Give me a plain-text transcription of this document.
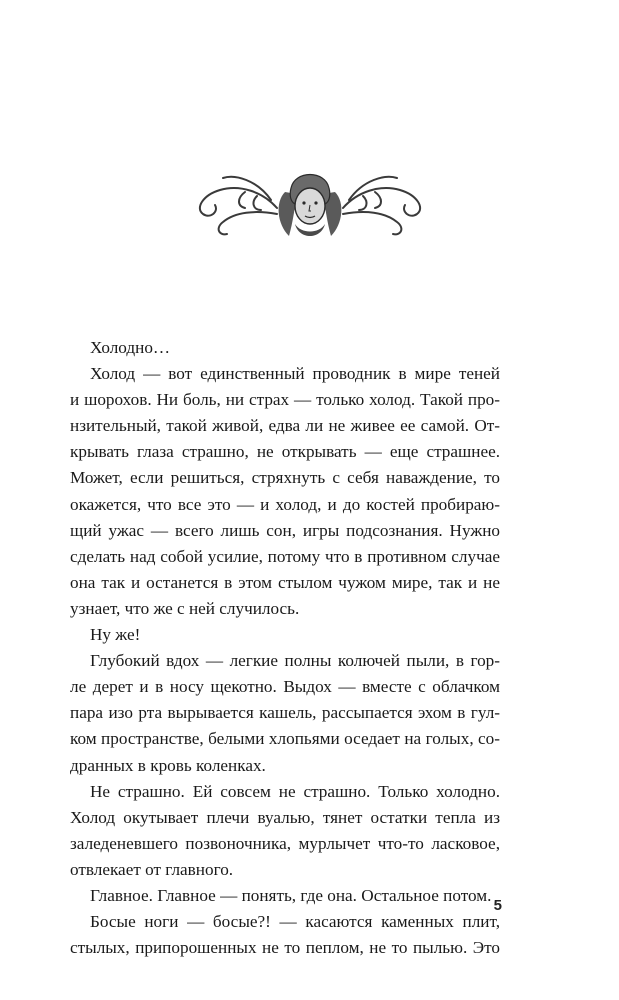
Холодно…
Холод — вот единственный проводник в мире теней
и шорохов. Ни боль, ни страх — только холод. Такой про-
нзительный, такой живой, едва ли не живее ее самой. От-
крывать глаза страшно, не открывать — еще страшнее.
Может, если решиться, стряхнуть с себя наваждение, то
окажется, что все это — и холод, и до костей пробираю-
щий ужас — всего лишь сон, игры подсознания. Нужно
сделать над собой усилие, потому что в противном случае
она так и останется в этом стылом чужом мире, так и не
узнает, что же с ней случилось.
Ну же!
Глубокий вдох — легкие полны колючей пыли, в гор-
ле дерет и в носу щекотно. Выдох — вместе с облачком
пара изо рта вырывается кашель, рассыпается эхом в гул-
ком пространстве, белыми хлопьями оседает на голых, со-
дранных в кровь коленках.
Не страшно. Ей совсем не страшно. Только холодно.
Холод окутывает плечи вуалью, тянет остатки тепла из
заледеневшего позвоночника, мурлычет что-то ласковое,
отвлекает от главного.
Главное. Главное — понять, где она. Остальное потом.
Босые ноги — босые?! — касаются каменных плит,
стылых, припорошенных не то пеплом, не то пылью. Это
5
